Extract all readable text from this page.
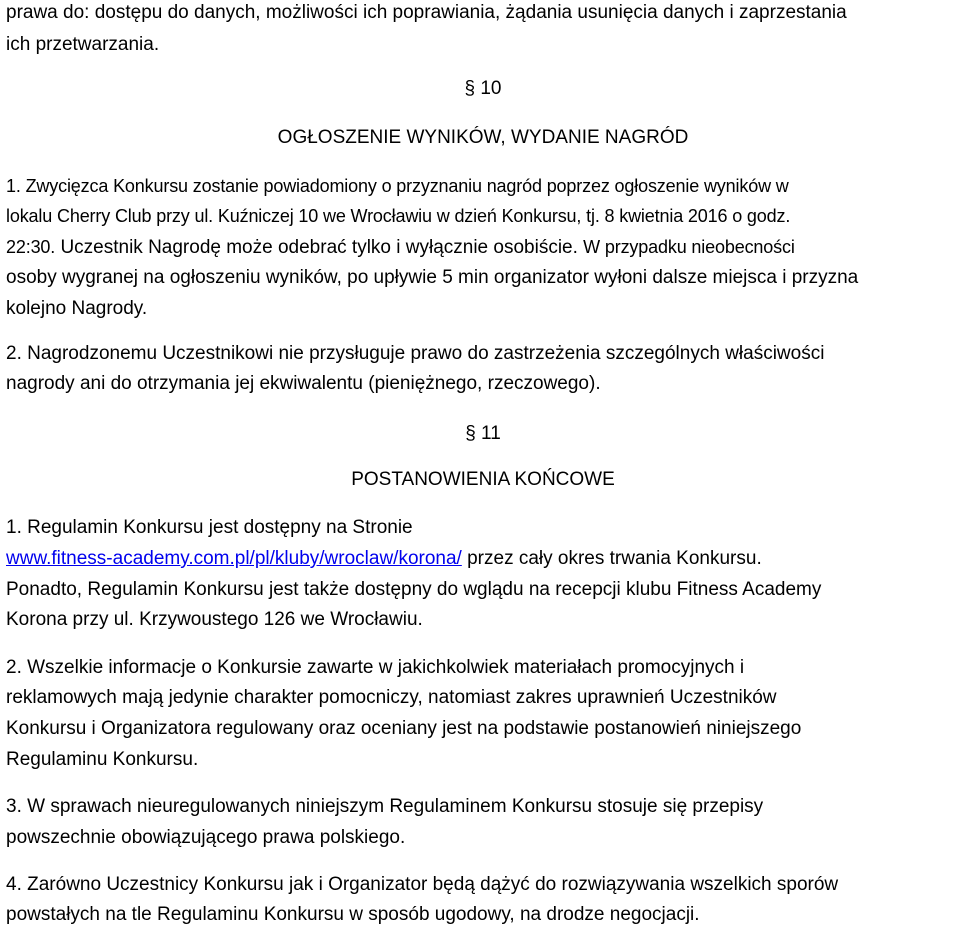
prawa do: dostępu do danych, możliwości ich poprawiania, żądania usunięcia danych i zaprzestania
ich przetwarzania.
§ 10
OGŁOSZENIE WYNIKÓW, WYDANIE NAGRÓD
1. Zwycięzca Konkursu zostanie powiadomiony o przyznaniu nagród poprzez ogłoszenie wyników w
lokalu Cherry Club przy ul. Kuźniczej 10 we Wrocławiu w dzień Konkursu, tj. 8 kwietnia 2016 o godz.
22:30. Uczestnik Nagrodę może odebrać tylko i wyłącznie osobiście. W przypadku nieobecności
osoby wygranej na ogłoszeniu wyników, po upływie 5 min organizator wyłoni dalsze miejsca i przyzna
kolejno Nagrody.
2. Nagrodzonemu Uczestnikowi nie przysługuje prawo do zastrzeżenia szczególnych właściwości
nagrody ani do otrzymania jej ekwiwalentu (pieniężnego, rzeczowego).
§ 11
POSTANOWIENIA KOŃCOWE
1. Regulamin Konkursu jest dostępny na Stronie
www.fitness-academy.com.pl/pl/kluby/wroclaw/korona/ przez cały okres trwania Konkursu.
Ponadto, Regulamin Konkursu jest także dostępny do wglądu na recepcji klubu Fitness Academy
Korona przy ul. Krzywoustego 126 we Wrocławiu.
2. Wszelkie informacje o Konkursie zawarte w jakichkolwiek materiałach promocyjnych i
reklamowych mają jedynie charakter pomocniczy, natomiast zakres uprawnień Uczestników
Konkursu i Organizatora regulowany oraz oceniany jest na podstawie postanowień niniejszego
Regulaminu Konkursu.
3. W sprawach nieuregulowanych niniejszym Regulaminem Konkursu stosuje się przepisy
powszechnie obowiązującego prawa polskiego.
4. Zarówno Uczestnicy Konkursu jak i Organizator będą dążyć do rozwiązywania wszelkich sporów
powstałych na tle Regulaminu Konkursu w sposób ugodowy, na drodze negocjacji.
